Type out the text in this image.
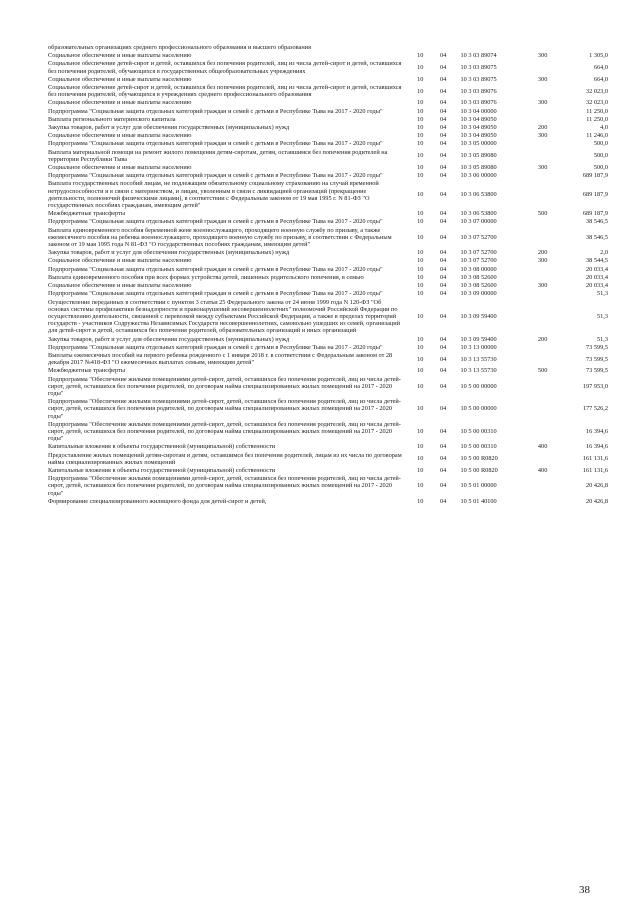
образовательных организациях среднего профессионального образования и высшего образования					
Социальное обеспечение и иные выплаты населению	10	04	10 3 03 89074	300	1 305,0
Социальное обеспечение детей-сирот и детей, оставшихся без попечения родителей, лиц из числа детей-сирот и детей, оставшихся без попечения родителей, обучающихся в государственных общеобразовательных учреждениях	10	04	10 3 03 89075		664,0
Социальное обеспечение и иные выплаты населению	10	04	10 3 03 89075	300	664,0
Социальное обеспечение детей-сирот и детей, оставшихся без попечения родителей, лиц из числа детей-сирот и детей, оставшихся без попечения родителей, обучающихся в учреждениях среднего профессионального образования	10	04	10 3 03 89076		32 023,0
Социальное обеспечение и иные выплаты населению	10	04	10 3 03 89076	300	32 023,0
Подпрограмма "Социальная защита отдельных категорий граждан и семей с детьми в Республике Тыва на 2017 - 2020 годы"	10	04	10 3 04 00000		11 250,0
Выплата регионального материнского капитала	10	04	10 3 04 89050		11 250,0
Закупка товаров, работ и услуг для обеспечения государственных (муниципальных) нужд	10	04	10 3 04 89050	200	4,0
Социальное обеспечение и иные выплаты населению	10	04	10 3 04 89050	300	11 246,0
Подпрограмма "Социальная защита отдельных категорий граждан и семей с детьми в Республике Тыва на 2017 - 2020 годы"	10	04	10 3 05 00000		500,0
Выплата материальной помощи на ремонт жилого помещения детям-сиротам, детям, оставшимся без попечения родителей на территории Республики Тыва	10	04	10 3 05 89080		500,0
Социальное обеспечение и иные выплаты населению	10	04	10 3 05 89080	300	500,0
Подпрограмма "Социальная защита отдельных категорий граждан и семей с детьми в Республике Тыва на 2017 - 2020 годы"	10	04	10 3 06 00000		689 187,9
Выплата государственных пособий лицам, не подлежащим обязательному социальному страхованию на случай временной нетрудоспособности и в связи с материнством, и лицам, уволенным в связи с ликвидацией организаций (прекращение деятельности, полномочий физическими лицами), в соответствии с Федеральным законом от 19 мая 1995 г. N 81-ФЗ "О государственных пособиях гражданам, имеющим детей"	10	04	10 3 06 53800		689 187,9
Межбюджетные трансферты	10	04	10 3 06 53800	500	689 187,9
Подпрограмма "Социальная защита отдельных категорий граждан и семей с детьми в Республике Тыва на 2017 - 2020 годы"	10	04	10 3 07 00000		38 546,5
Выплата единовременного пособия беременной жене военнослужащего, проходящего военную службу по призыву, а также ежемесячного пособия на ребенка военнослужащего, проходящего военную службу по призыву, в соответствии с Федеральным законом от 19 мая 1995 года N 81-ФЗ "О государственных пособиях гражданам, имеющим детей"	10	04	10 3 07 52700		38 546,5
Закупка товаров, работ и услуг для обеспечения государственных (муниципальных) нужд	10	04	10 3 07 52700	200	2,0
Социальное обеспечение и иные выплаты населению	10	04	10 3 07 52700	300	38 544,5
Подпрограмма "Социальная защита отдельных категорий граждан и семей с детьми в Республике Тыва на 2017 - 2020 годы"	10	04	10 3 08 00000		20 033,4
Выплата единовременного пособия при всех формах устройства детей, лишенных родительского попечения, в семью	10	04	10 3 08 52600		20 033,4
Социальное обеспечение и иные выплаты населению	10	04	10 3 08 52600	300	20 033,4
Подпрограмма "Социальная защита отдельных категорий граждан и семей с детьми в Республике Тыва на 2017 - 2020 годы"	10	04	10 3 09 00000		51,3
Осуществление переданных в соответствии с пунктом 3 статьи 25 Федерального закона от 24 июня 1999 года N 120-ФЗ "Об основах системы профилактики безнадзорности и правонарушений несовершеннолетних" полномочий Российской Федерации по осуществлению деятельности, связанной с перевозкой между субъектами Российской Федерации, а также в пределах территорий государств - участников Содружества Независимых Государств несовершеннолетних, самовольно ушедших из семей, организаций для детей-сирот и детей, оставшихся без попечения родителей, образовательных организаций и иных организаций	10	04	10 3 09 59400		51,3
Закупка товаров, работ и услуг для обеспечения государственных (муниципальных) нужд	10	04	10 3 09 59400	200	51,3
Подпрограмма "Социальная защита отдельных категорий граждан и семей с детьми в Республике Тыва на 2017 - 2020 годы"	10	04	10 3 13 00000		73 599,5
Выплаты ежемесячных пособий на первого ребенка рожденного с 1 января 2018 г. в соответствии с Федеральным законом от 28 декабря 2017 №418-ФЗ "О ежемесячных выплатах семьям, имеющим детей"	10	04	10 3 13 55730		73 599,5
Межбюджетные трансферты	10	04	10 3 13 55730	500	73 599,5
Подпрограмма "Обеспечение жилыми помещениями детей-сирот, детей, оставшихся без попечения родителей, лиц из числа детей-сирот, детей, оставшихся без попечения родителей, по договорам найма специализированных жилых помещений на 2017 - 2020 годы"	10	04	10 5 00 00000		197 953,0
Подпрограмма "Обеспечение жилыми помещениями детей-сирот, детей, оставшихся без попечения родителей, лиц из числа детей-сирот, детей, оставшихся без попечения родителей, по договорам найма специализированных жилых помещений на 2017 - 2020 годы"	10	04	10 5 00 00000		177 526,2
Подпрограмма "Обеспечение жилыми помещениями детей-сирот, детей, оставшихся без попечения родителей, лиц из числа детей-сирот, детей, оставшихся без попечения родителей, по договорам найма специализированных жилых помещений на 2017 - 2020 годы"	10	04	10 5 00 00310		16 394,6
Капитальные вложения в объекты государственной (муниципальной) собственности	10	04	10 5 00 00310	400	16 394,6
Предоставление жилых помещений детям-сиротам и детям, оставшимся без попечения родителей, лицам из их числа по договорам найма специализированных жилых помещений	10	04	10 5 00 R0820		161 131,6
Капитальные вложения в объекты государственной (муниципальной) собственности	10	04	10 5 00 R0820	400	161 131,6
Подпрограмма "Обеспечение жилыми помещениями детей-сирот, детей, оставшихся без попечения родителей, лиц из числа детей-сирот, детей, оставшихся без попечения родителей, по договорам найма специализированных жилых помещений на 2017 - 2020 годы"	10	04	10 5 01 00000		20 426,8
Формирование специализированного жилищного фонда для детей-сирот и детей,	10	04	10 5 01 40100		20 426,8
38
